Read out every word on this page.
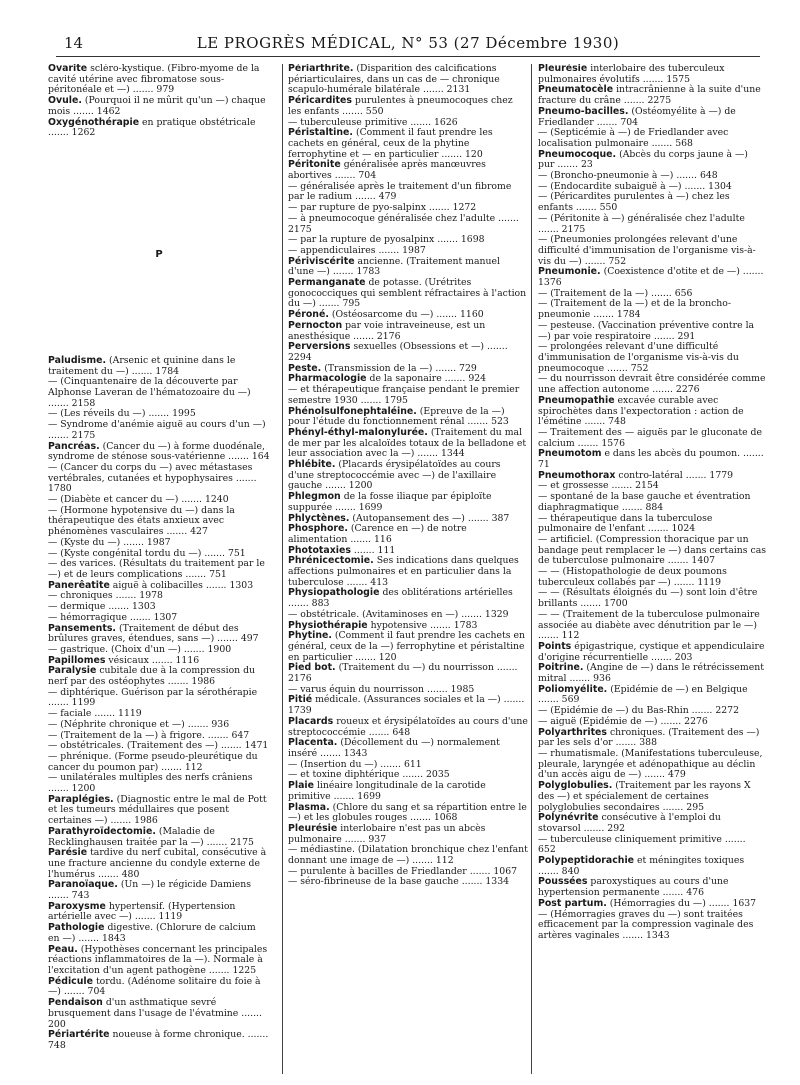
14	LE PROGRÈS MÉDICAL, N° 53 (27 Décembre 1930)
Ovarite scléro-kystique. (Fibro-myome de la cavité utérine avec fibromatose sous-péritonéale et —) ....... 979
Ovule. (Pourquoi il ne mûrit qu'un —) chaque mois ....... 1462
Oxygénothérapie en pratique obstétricale ....... 1262
P
Paludisme. (Arsenic et quinine dans le traitement du —) ....... 1784
— (Cinquantenaire de la découverte par Alphonse Laveran de l'hématozoaire du —) ....... 2158
— (Les réveils du —) ....... 1995
— Syndrome d'anémie aiguë au cours d'un —) ....... 2175
Pancréas. (Cancer du —) à forme duodénale, syndrome de sténose sous-vatérienne ....... 164
— (Cancer du corps du —) avec métastases vertébrales, cutanées et hypophysaires ....... 1780
— (Diabète et cancer du —) ....... 1240
— (Hormone hypotensive du —) dans la thérapeutique des états anxieux avec phénomènes vasculaires ....... 427
— (Kyste du —) ....... 1987
— (Kyste congénital tordu du —) ....... 751
— des varices. (Résultats du traitement par le —) et de leurs complications ....... 751
Panerêatite aiguë à colibacilles ....... 1303
— chroniques ....... 1978
— dermique ....... 1303
— hémorragique ....... 1307
Pansements. (Traitement de début des brûlures graves, étendues, sans —) ....... 497
— gastrique. (Choix d'un —) ....... 1900
Papillomes vésicaux ....... 1116
Paralysie cubitale due à la compression du nerf par des ostéophytes ....... 1986
— diphtérique. Guérison par la sérothérapie ....... 1199
— faciale ....... 1119
— (Néphrite chronique et —) ....... 936
— (Traitement de la —) à frigore. ....... 647
— obstétricales. (Traitement des —) ....... 1471
— phrénique. (Forme pseudo-pleurétique du cancer du poumon par) ....... 112
— unilatérales multiples des nerfs crâniens ....... 1200
Paraplégies. (Diagnostic entre le mal de Pott et les tumeurs médullaires que posent certaines —) ....... 1986
Parathyroïdectomie. (Maladie de Recklinghausen traitée par la —) ....... 2175
Parésie tardive du nerf cubital, consécutive à une fracture ancienne du condyle externe de l'humérus ....... 480
Paranoïaque. (Un —) le régicide Damiens ....... 743
Paroxysme hypertensif. (Hypertension artérielle avec —) ....... 1119
Pathologie digestive. (Chlorure de calcium en —) ....... 1843
Peau. (Hypothèses concernant les principales réactions inflammatoires de la —). Normale à l'excitation d'un agent pathogène ....... 1225
Pédicule tordu. (Adénome solitaire du foie à —) ....... 704
Pendaison d'un asthmatique sevré brusquement dans l'usage de l'évatmine ....... 200
Périartérite noueuse à forme chronique. ....... 748
Périarthrite. (Disparition des calcifications périarticulaires, dans un cas de — chronique scapulo-humérale bilatérale ....... 2131
Péricardites purulentes à pneumocoques chez les enfants ....... 550
— tuberculeuse primitive ....... 1626
Péristaltine. (Comment il faut prendre les cachets en général, ceux de la phytine ferrophytine et — en particulier ....... 120
Péritonite généralisée après manœuvres abortives ....... 704
— généralisée après le traitement d'un fibrome par le radium ....... 479
— par rupture de pyo-salpinx ....... 1272
— à pneumocoque généralisée chez l'adulte ....... 2175
— par la rupture de pyosalpinx ....... 1698
— appendiculaires ....... 1987
Périviscérite ancienne. (Traitement manuel d'une —) ....... 1783
Permanganate de potasse. (Urétrites gonococciques qui semblent réfractaires à l'action du —) ....... 795
Péroné. (Ostéosarcome du —) ....... 1160
Pernocton par voie intraveineuse, est un anesthésique ....... 2176
Perversions sexuelles (Obsessions et —) ....... 2294
Peste. (Transmission de la —) ....... 729
Pharmacologie de la saponaire ....... 924
— et thérapeutique française pendant le premier semestre 1930 ....... 1795
Phénolsulfonephtaléine. (Epreuve de la —) pour l'étude du fonctionnement rénal ....... 523
Phényl-éthyl-malonylurée. (Traitement du mal de mer par les alcaloïdes totaux de la belladone et leur association avec la —) ....... 1344
Phlébite. (Placards érysipélatoïdes au cours d'une streptococcémie avec —) de l'axillaire gauche ....... 1200
Phlegmon de la fosse iliaque par épiploïte suppurée ....... 1699
Phlyctènes. (Autopansement des —) ....... 387
Phosphore. (Carence en —) de notre alimentation ....... 116
Phototaxies ....... 111
Phrénicectomie. Ses indications dans quelques affections pulmonaires et en particulier dans la tuberculose ....... 413
Physiopathologie des oblitérations artérielles ....... 883
— obstétricale. (Avitaminoses en —) ....... 1329
Physiothérapie hypotensive ....... 1783
Phytine. (Comment il faut prendre les cachets en général, ceux de la —) ferrophytine et péristaltine en particulier ....... 120
Pied bot. (Traitement du —) du nourrisson ....... 2176
— varus équin du nourrisson ....... 1985
Pitié médicale. (Assurances sociales et la —) ....... 1739
Placards roueux et érysipélatoïdes au cours d'une streptococcémie ....... 648
Placenta. (Décollement du —) normalement inséré ....... 1343
— (Insertion du —) ....... 611
— et toxine diphtérique ....... 2035
Plaie linéaire longitudinale de la carotide primitive ....... 1699
Plasma. (Chlore du sang et sa répartition entre le —) et les globules rouges ....... 1068
Pleurésie interlobaire n'est pas un abcès pulmonaire ....... 937
— médiastine. (Dilatation bronchique chez l'enfant donnant une image de —) ....... 112
— purulente à bacilles de Friedlander ....... 1067
— séro-fibrineuse de la base gauche ....... 1334
Pleurésie interlobaire des tuberculeux pulmonaires évolutifs ....... 1575
Pneumatocèle intracrânienne à la suite d'une fracture du crâne ....... 2275
Pneumo-bacilles. (Ostéomyélite à —) de Friedlander ....... 704
— (Septicémie à —) de Friedlander avec localisation pulmonaire ....... 568
Pneumocoque. (Abcès du corps jaune à —) pur ....... 23
— (Broncho-pneumonie à —) ....... 648
— (Endocardite subaiguë à —) ....... 1304
— (Péricardites purulentes à —) chez les enfants ....... 550
— (Péritonite à —) généralisée chez l'adulte ....... 2175
— (Pneumonies prolongées relevant d'une difficulté d'immunisation de l'organisme vis-à-vis du —) ....... 752
Pneumonie. (Coexistence d'otite et de —) ....... 1376
— (Traitement de la —) ....... 656
— (Traitement de la —) et de la broncho-pneumonie ....... 1784
— pesteuse. (Vaccination préventive contre la —) par voie respiratoire ....... 291
— prolongées relevant d'une difficulté d'immunisation de l'organisme vis-à-vis du pneumocoque ....... 752
— du nourrisson devrait être considérée comme une affection autonome ....... 2276
Pneumopathie excavée curable avec spirochètes dans l'expectoration : action de l'émétine ....... 748
— Traitement des — aiguës par le gluconate de calcium ....... 1576
Pneumotom e dans les abcès du poumon. ....... 71
Pneumothorax contro-latéral ....... 1779
— et grossesse ....... 2154
— spontané de la base gauche et éventration diaphragmatique ....... 884
— thérapeutique dans la tuberculose pulmonaire de l'enfant ....... 1024
— artificiel. (Compression thoracique par un bandage peut remplacer le —) dans certains cas de tuberculose pulmonaire ....... 1407
— — (Histopathologie de deux poumons tuberculeux collabés par —) ....... 1119
— — (Résultats éloignés du —) sont loin d'être brillants ....... 1700
— — (Traitement de la tuberculose pulmonaire associée au diabète avec dénutrition par le —) ....... 112
Points épigastrique, cystique et appendiculaire d'origine récurrentielle ....... 203
Poitrine. (Angine de —) dans le rétrécissement mitral ....... 936
Poliomyélite. (Epidémie de —) en Belgique ....... 569
— (Epidémie de —) du Bas-Rhin ....... 2272
— aiguë (Epidémie de —) ....... 2276
Polyarthrites chroniques. (Traitement des —) par les sels d'or ....... 388
— rhumatismale. (Manifestations tuberculeuse, pleurale, laryngée et adénopathique au déclin d'un accès aigu de —) ....... 479
Polyglobulies. (Traitement par les rayons X des —) et spécialement de certaines polyglobulies secondaires ....... 295
Polynévrite consécutive à l'emploi du stovarsol ....... 292
— tuberculeuse cliniquement primitive ....... 652
Polypeptidorachie et méningites toxiques ....... 840
Poussées paroxystiques au cours d'une hypertension permanente ....... 476
Post partum. (Hémorragies du —) ....... 1637
— (Hémorragies graves du —) sont traitées efficacement par la compression vaginale des artères vaginales ....... 1343
